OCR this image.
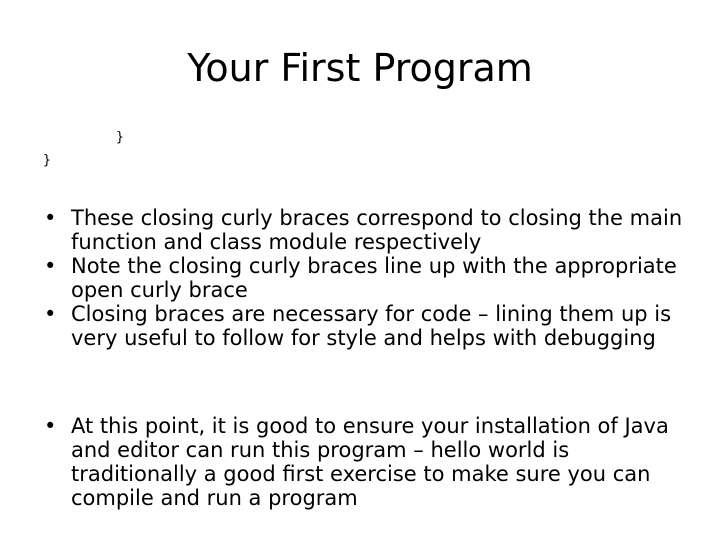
Your First Program
}
}
• These closing curly braces correspond to closing the main function and class module respectively
• Note the closing curly braces line up with the appropriate open curly brace
• Closing braces are necessary for code – lining them up is very useful to follow for style and helps with debugging
• At this point, it is good to ensure your installation of Java and editor can run this program – hello world is traditionally a good first exercise to make sure you can compile and run a program
